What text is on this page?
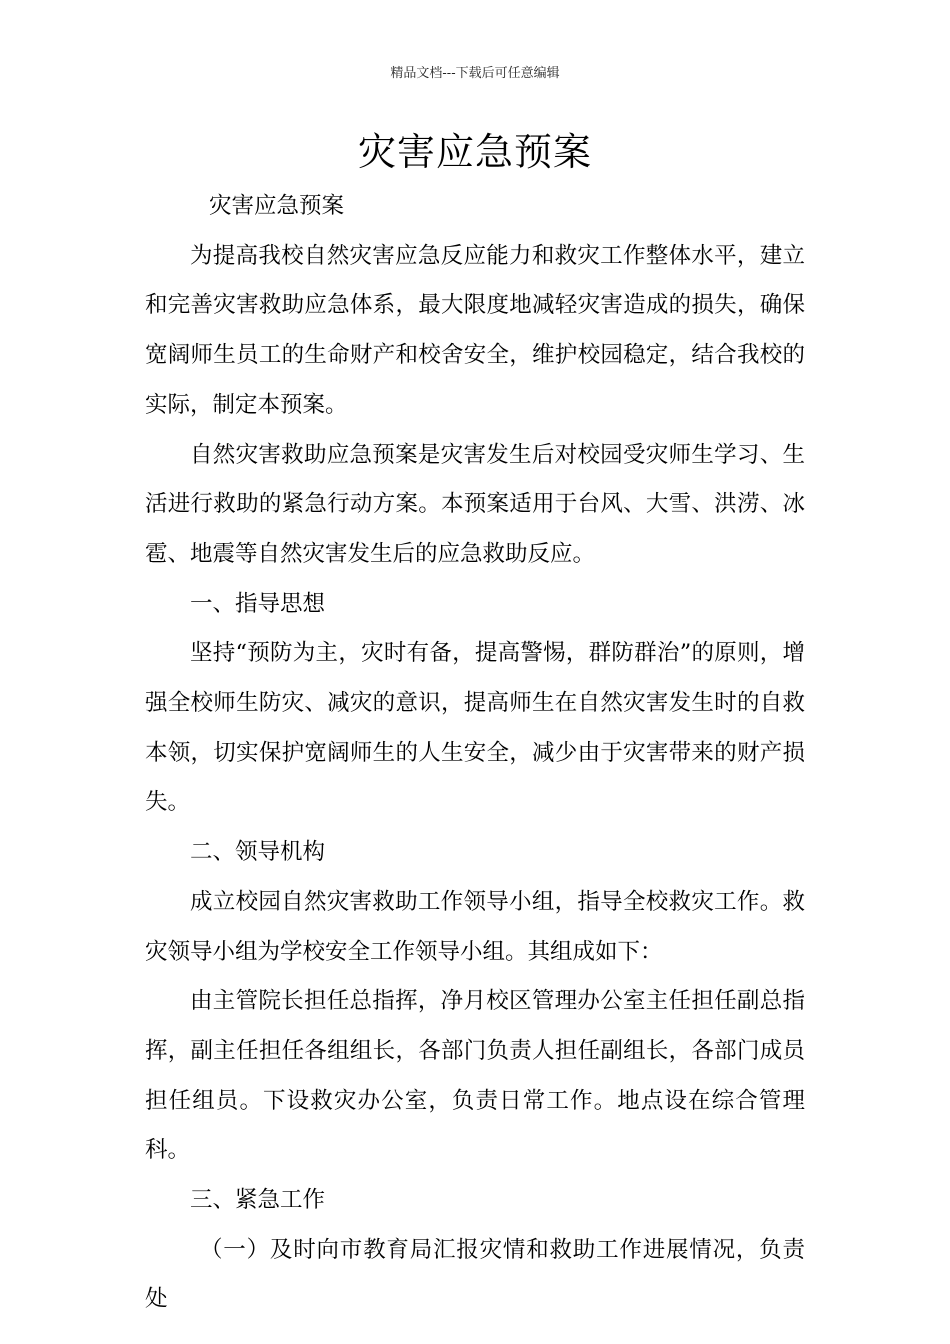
精品文档---下载后可任意编辑
灾害应急预案

灾害应急预案

为提高我校自然灾害应急反应能力和救灾工作整体水平，建立和完善灾害救助应急体系，最大限度地减轻灾害造成的损失，确保宽阔师生员工的生命财产和校舍安全，维护校园稳定，结合我校的实际，制定本预案。

自然灾害救助应急预案是灾害发生后对校园受灾师生学习、生活进行救助的紧急行动方案。本预案适用于台风、大雪、洪涝、冰雹、地震等自然灾害发生后的应急救助反应。

一、指导思想

坚持“预防为主，灾时有备，提高警惕，群防群治”的原则，增强全校师生防灾、减灾的意识，提高师生在自然灾害发生时的自救本领，切实保护宽阔师生的人生安全，减少由于灾害带来的财产损失。

二、领导机构

成立校园自然灾害救助工作领导小组，指导全校救灾工作。救灾领导小组为学校安全工作领导小组。其组成如下：

由主管院长担任总指挥，净月校区管理办公室主任担任副总指挥，副主任担任各组组长，各部门负责人担任副组长，各部门成员担任组员。下设救灾办公室，负责日常工作。地点设在综合管理科。

三、紧急工作

（一）及时向市教育局汇报灾情和救助工作进展情况，负责处
